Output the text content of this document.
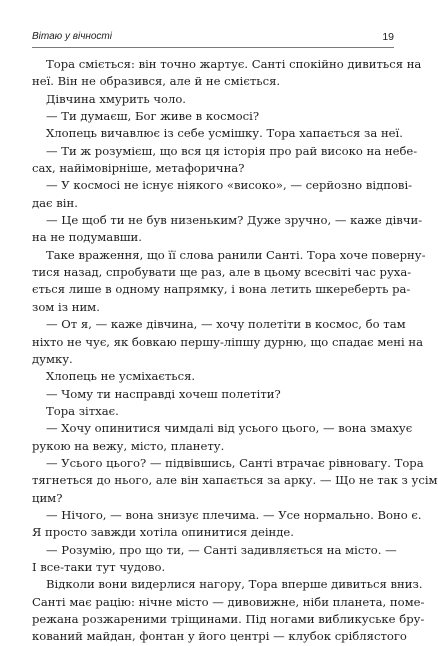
Вітаю у вічності	19
Тора сміється: він точно жартує. Санті спокійно дивиться на
неї. Він не образився, але й не сміється.
Дівчина хмурить чоло.
— Ти думаєш, Бог живе в космосі?
Хлопець вичавлює із себе усмішку. Тора хапається за неї.
— Ти ж розумієш, що вся ця історія про рай високо на небе-
сах, найімовірніше, метафорична?
— У космосі не існує ніякого «високо», — серйозно відпові-
дає він.
— Це щоб ти не був низеньким? Дуже зручно, — каже дівчи-
на не подумавши.
Таке враження, що її слова ранили Санті. Тора хоче поверну-
тися назад, спробувати ще раз, але в цьому всесвіті час руха-
ється лише в одному напрямку, і вона летить шкереберть ра-
зом із ним.
— От я, — каже дівчина, — хочу полетіти в космос, бо там
ніхто не чує, як бовкаю першу-ліпшу дурню, що спадає мені на
думку.
Хлопець не усміхається.
— Чому ти насправді хочеш полетіти?
Тора зітхає.
— Хочу опинитися чимдалі від усього цього, — вона змахує
рукою на вежу, місто, планету.
— Усього цього? — підвівшись, Санті втрачає рівновагу. Тора
тягнеться до нього, але він хапається за арку. — Що не так з усім
цим?
— Нічого, — вона знизує плечима. — Усе нормально. Воно є.
Я просто завжди хотіла опинитися деінде.
— Розумію, про що ти, — Санті задивляється на місто. —
І все-таки тут чудово.
Відколи вони видерлися нагору, Тора вперше дивиться вниз.
Санті має рацію: нічне місто — дивовижне, ніби планета, поме-
режана розжареними тріщинами. Під ногами вибликуське бру-
кований майдан, фонтан у його центрі — клубок сріблястого
